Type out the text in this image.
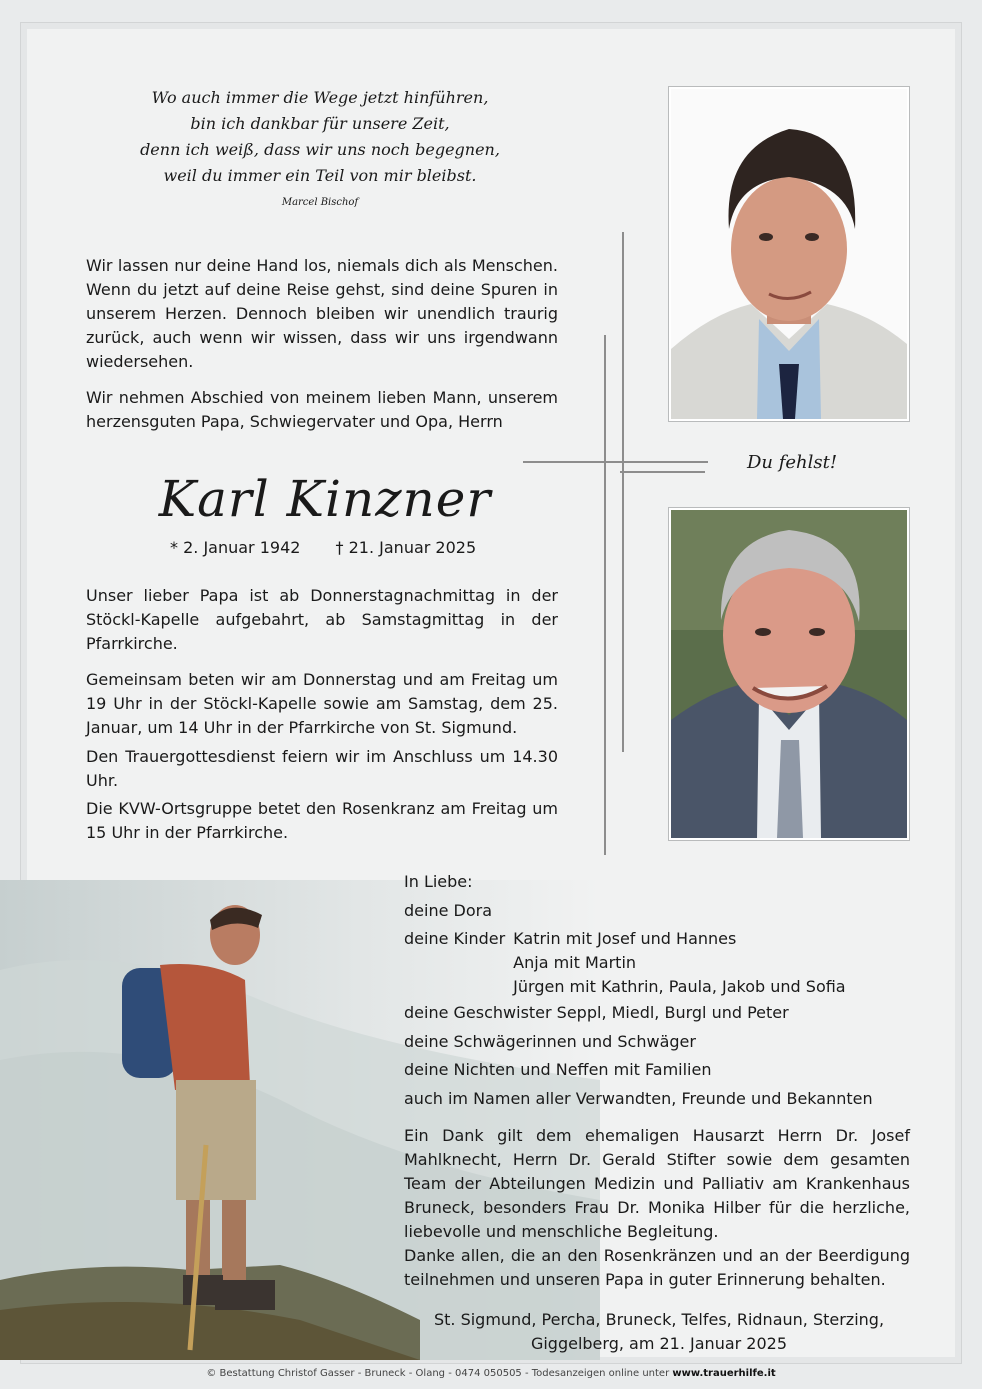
Wo auch immer die Wege jetzt hinführen,
bin ich dankbar für unsere Zeit,
denn ich weiß, dass wir uns noch begegnen,
weil du immer ein Teil von mir bleibst.
Marcel Bischof
Wir lassen nur deine Hand los, niemals dich als Menschen. Wenn du jetzt auf deine Reise gehst, sind deine Spuren in unserem Herzen. Dennoch bleiben wir unendlich traurig zurück, auch wenn wir wissen, dass wir uns irgendwann wiedersehen.
Wir nehmen Abschied von meinem lieben Mann, unserem herzensguten Papa, Schwiegervater und Opa, Herrn
Karl Kinzner
* 2. Januar 1942 † 21. Januar 2025
Unser lieber Papa ist ab Donnerstagnachmittag in der Stöckl-Kapelle aufgebahrt, ab Samstagmittag in der Pfarrkirche.
Gemeinsam beten wir am Donnerstag und am Freitag um 19 Uhr in der Stöckl-Kapelle sowie am Samstag, dem 25. Januar, um 14 Uhr in der Pfarrkirche von St. Sigmund.
Den Trauergottesdienst feiern wir im Anschluss um 14.30 Uhr.
Die KVW-Ortsgruppe betet den Rosenkranz am Freitag um 15 Uhr in der Pfarrkirche.
Du fehlst!
In Liebe:
deine Dora
deine Kinder Katrin mit Josef und Hannes
Anja mit Martin
Jürgen mit Kathrin, Paula, Jakob und Sofia
deine Geschwister Seppl, Miedl, Burgl und Peter
deine Schwägerinnen und Schwäger
deine Nichten und Neffen mit Familien
auch im Namen aller Verwandten, Freunde und Bekannten
Ein Dank gilt dem ehemaligen Hausarzt Herrn Dr. Josef Mahlknecht, Herrn Dr. Gerald Stifter sowie dem gesamten Team der Abteilungen Medizin und Palliativ am Krankenhaus Bruneck, besonders Frau Dr. Monika Hilber für die herzliche, liebevolle und menschliche Begleitung.
Danke allen, die an den Rosenkränzen und an der Beerdigung teilnehmen und unseren Papa in guter Erinnerung behalten.
St. Sigmund, Percha, Bruneck, Telfes, Ridnaun, Sterzing,
Giggelberg, am 21. Januar 2025
© Bestattung Christof Gasser - Bruneck - Olang - 0474 050505 - Todesanzeigen online unter www.trauerhilfe.it
